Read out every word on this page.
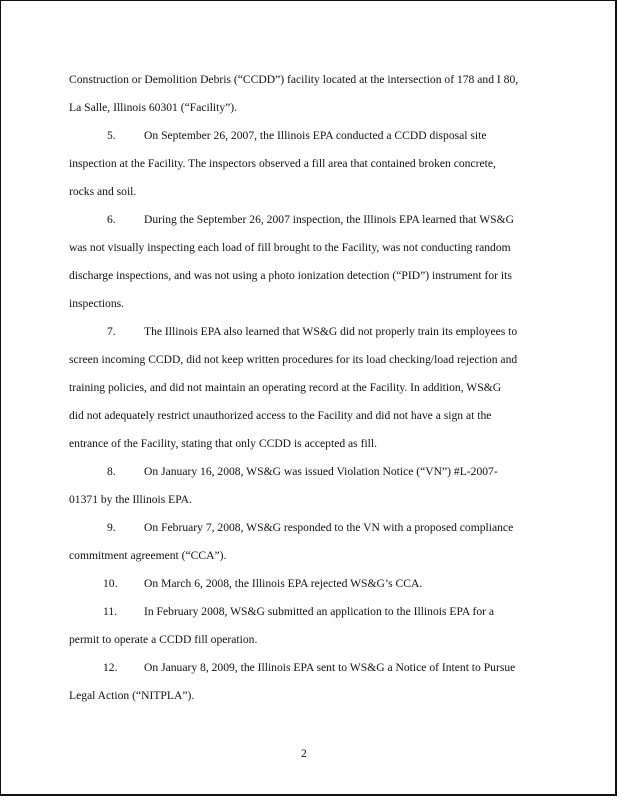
Construction or Demolition Debris (“CCDD”) facility located at the intersection of 178 and I 80,

La Salle, Illinois 60301 (“Facility”).

5. On September 26, 2007, the Illinois EPA conducted a CCDD disposal site

inspection at the Facility. The inspectors observed a fill area that contained broken concrete,

rocks and soil.

6. During the September 26, 2007 inspection, the Illinois EPA learned that WS&G

was not visually inspecting each load of fill brought to the Facility, was not conducting random

discharge inspections, and was not using a photo ionization detection (“PID”) instrument for its

inspections.

7. The Illinois EPA also learned that WS&G did not properly train its employees to

screen incoming CCDD, did not keep written procedures for its load checking/load rejection and

training policies, and did not maintain an operating record at the Facility. In addition, WS&G

did not adequately restrict unauthorized access to the Facility and did not have a sign at the

entrance of the Facility, stating that only CCDD is accepted as fill.

8. On January 16, 2008, WS&G was issued Violation Notice (“VN”) #L-2007-

01371 by the Illinois EPA.

9. On February 7, 2008, WS&G responded to the VN with a proposed compliance

commitment agreement (“CCA”).

10. On March 6, 2008, the Illinois EPA rejected WS&G’s CCA.
11. In February 2008, WS&G submitted an application to the Illinois EPA for a

permit to operate a CCDD fill operation.

12. On January 8, 2009, the Illinois EPA sent to WS&G a Notice of Intent to Pursue

Legal Action (“NITPLA”).

2
